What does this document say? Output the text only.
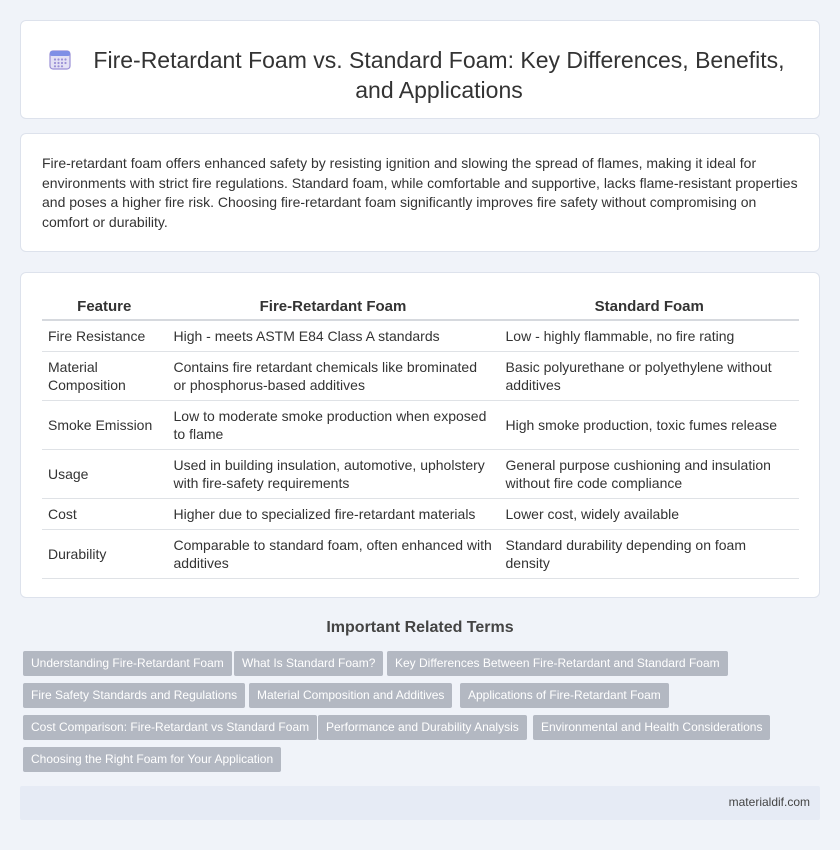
Fire-Retardant Foam vs. Standard Foam: Key Differences, Benefits, and Applications

Fire-retardant foam offers enhanced safety by resisting ignition and slowing the spread of flames, making it ideal for environments with strict fire regulations. Standard foam, while comfortable and supportive, lacks flame-resistant properties and poses a higher fire risk. Choosing fire-retardant foam significantly improves fire safety without compromising on comfort or durability.

Feature	Fire-Retardant Foam	Standard Foam
Fire Resistance	High - meets ASTM E84 Class A standards	Low - highly flammable, no fire rating
Material Composition	Contains fire retardant chemicals like brominated or phosphorus-based additives	Basic polyurethane or polyethylene without additives
Smoke Emission	Low to moderate smoke production when exposed to flame	High smoke production, toxic fumes release
Usage	Used in building insulation, automotive, upholstery with fire-safety requirements	General purpose cushioning and insulation without fire code compliance
Cost	Higher due to specialized fire-retardant materials	Lower cost, widely available
Durability	Comparable to standard foam, often enhanced with additives	Standard durability depending on foam density
Important Related Terms
Understanding Fire-Retardant Foam	What Is Standard Foam?	Key Differences Between Fire-Retardant and Standard Foam
Fire Safety Standards and Regulations	Material Composition and Additives	Applications of Fire-Retardant Foam
Cost Comparison: Fire-Retardant vs Standard Foam	Performance and Durability Analysis	Environmental and Health Considerations
Choosing the Right Foam for Your Application
materialdif.com
